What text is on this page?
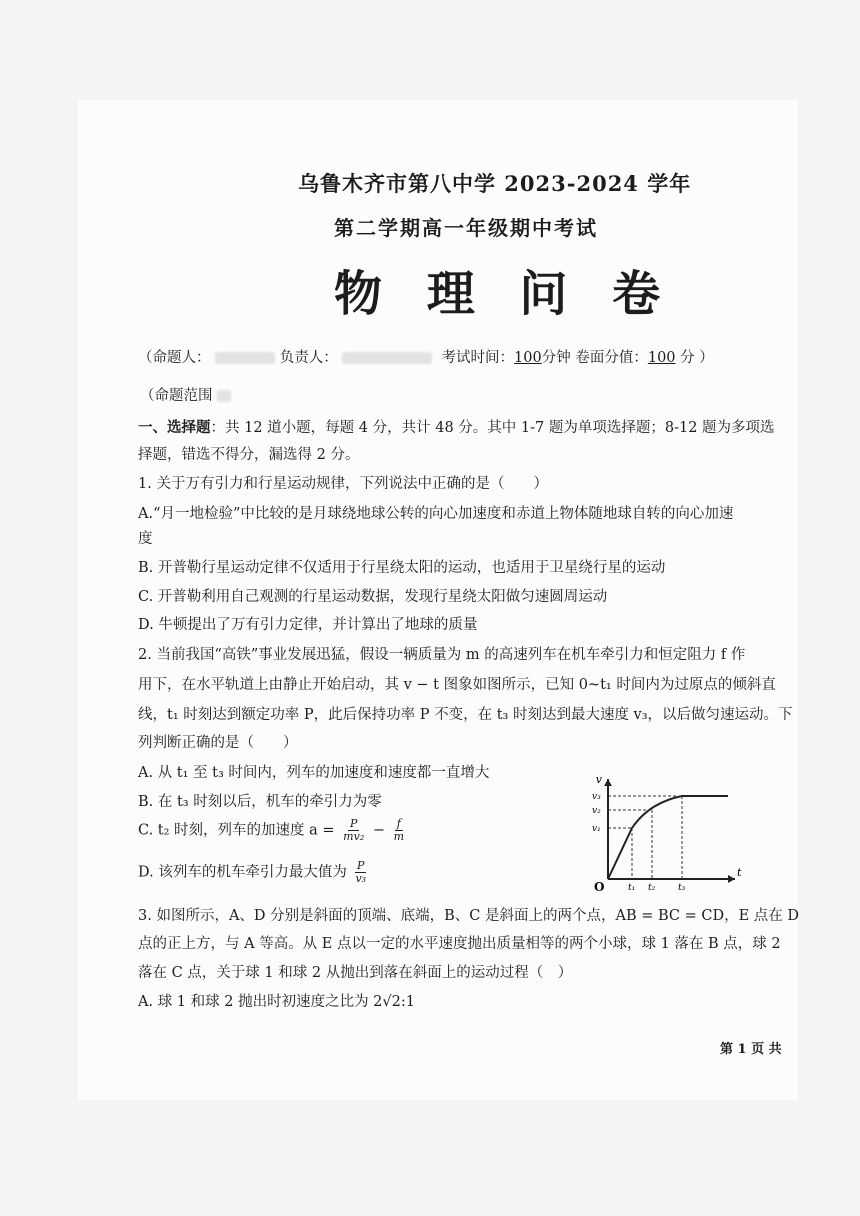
乌鲁木齐市第八中学 2023-2024 学年
第二学期高一年级期中考试
物 理 问 卷
（命题人：	负责人：	考试时间：100分钟 卷面分值：100 分 ）
（命题范围
一、选择题：共 12 道小题，每题 4 分，共计 48 分。其中 1-7 题为单项选择题；8-12 题为多项选
择题，错选不得分，漏选得 2 分。
1. 关于万有引力和行星运动规律，下列说法中正确的是（　　）
A.“月一地检验”中比较的是月球绕地球公转的向心加速度和赤道上物体随地球自转的向心加速
度
B. 开普勒行星运动定律不仅适用于行星绕太阳的运动，也适用于卫星绕行星的运动
C. 开普勒利用自己观测的行星运动数据，发现行星绕太阳做匀速圆周运动
D. 牛顿提出了万有引力定律，并计算出了地球的质量
2. 当前我国“高铁”事业发展迅猛，假设一辆质量为 m 的高速列车在机车牵引力和恒定阻力 f 作
用下，在水平轨道上由静止开始启动，其 v − t 图象如图所示，已知 0~t₁ 时间内为过原点的倾斜直
线，t₁ 时刻达到额定功率 P，此后保持功率 P 不变，在 t₃ 时刻达到最大速度 v₃，以后做匀速运动。下
列判断正确的是（　　）
A. 从 t₁ 至 t₃ 时间内，列车的加速度和速度都一直增大
B. 在 t₃ 时刻以后，机车的牵引力为零
C. t₂ 时刻，列车的加速度 $a = \frac{P}{\text{mv₂}} - \frac{f}{m}$
D. 该列车的机车牵引力最大值为 $\frac{P}{\text{v₃}}$
v
t
O
v₃
v₂
v₁
t₁ t₂	t₃
3. 如图所示，A、D 分别是斜面的顶端、底端，B、C 是斜面上的两个点，AB = BC = CD，E 点在 D
点的正上方，与 A 等高。从 E 点以一定的水平速度抛出质量相等的两个小球，球 1 落在 B 点，球 2
落在 C 点，关于球 1 和球 2 从抛出到落在斜面上的运动过程（　）
A. 球 1 和球 2 抛出时初速度之比为 2√2:1
第 1 页 共
